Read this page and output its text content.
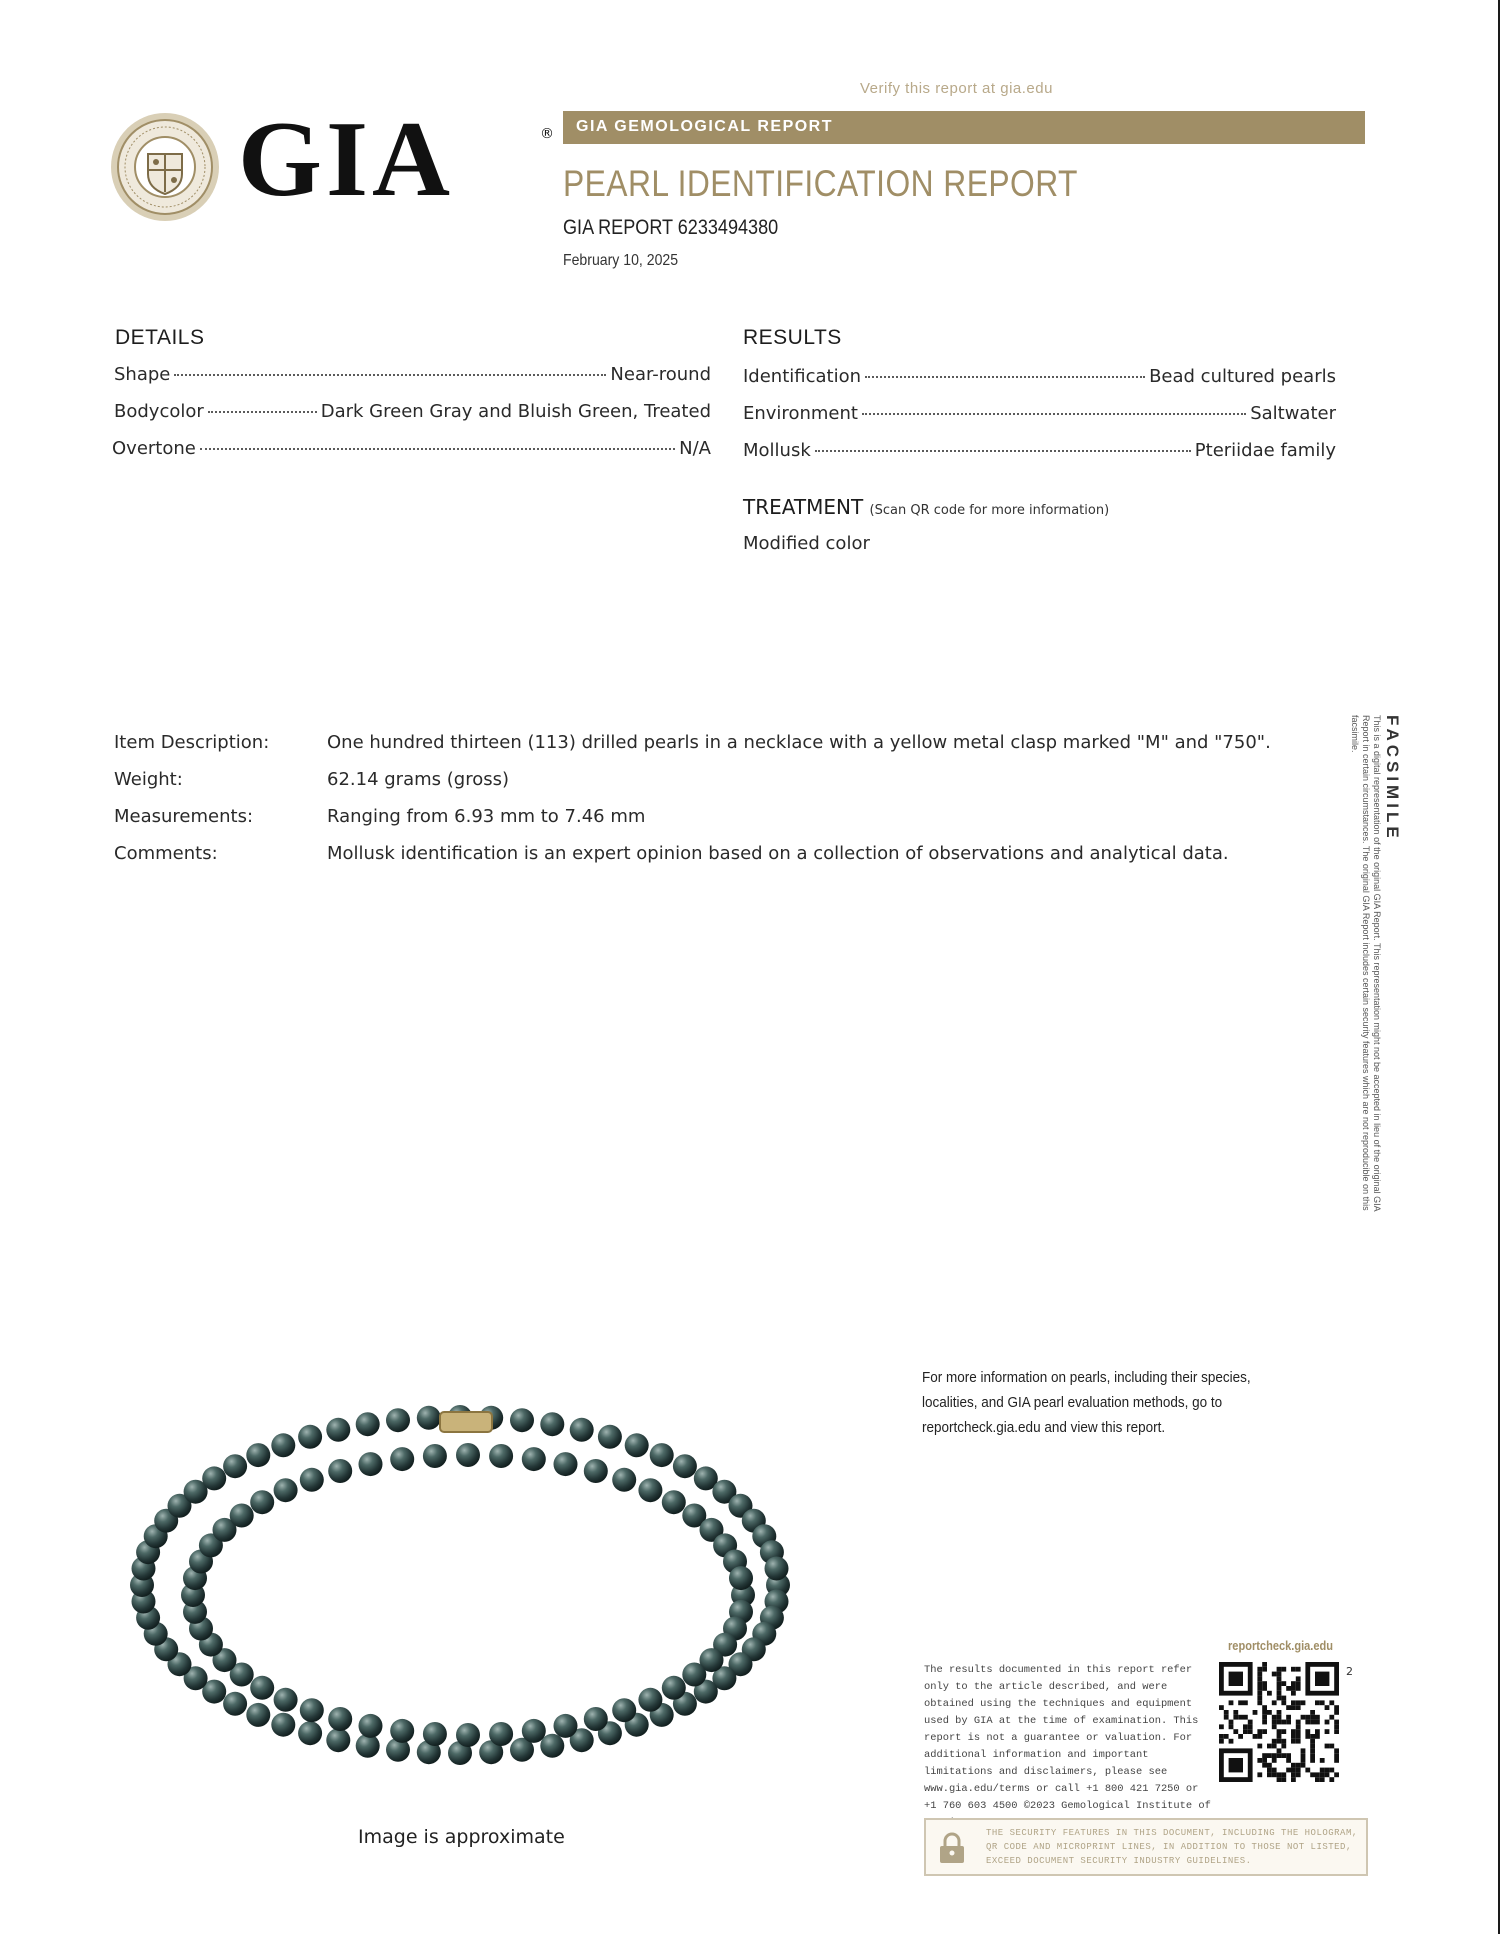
GIA	®
Verify this report at gia.edu
GIA GEMOLOGICAL REPORT
PEARL IDENTIFICATION REPORT
GIA REPORT 6233494380
February 10, 2025
DETAILS
Shape	Near-round
Bodycolor	Dark Green Gray and Bluish Green, Treated
Overtone	N/A
RESULTS
Identification	Bead cultured pearls
Environment	Saltwater
Mollusk	Pteriidae family
TREATMENT (Scan QR code for more information)
Modified color
Item Description:	One hundred thirteen (113) drilled pearls in a necklace with a yellow metal clasp marked "M" and "750".
Weight:	62.14 grams (gross)
Measurements:	Ranging from 6.93 mm to 7.46 mm
Comments:	Mollusk identification is an expert opinion based on a collection of observations and analytical data.
FACSIMILE
This is a digital representation of the original GIA Report. This representation might not be accepted in lieu of the original GIA Report in certain circumstances. The original GIA Report includes certain security features which are not reproducible on this facsimile.
Image is approximate
For more information on pearls, including their species, localities, and GIA pearl evaluation methods, go to reportcheck.gia.edu and view this report.
reportcheck.gia.edu
The results documented in this report refer only to the article described, and were obtained using the techniques and equipment used by GIA at the time of examination. This report is not a guarantee or valuation. For additional information and important limitations and disclaimers, please see www.gia.edu/terms or call +1 800 421 7250 or +1 760 603 4500 ©2023 Gemological Institute of
2

THE SECURITY FEATURES IN THIS DOCUMENT, INCLUDING THE HOLOGRAM, QR CODE AND MICROPRINT LINES, IN ADDITION TO THOSE NOT LISTED, EXCEED DOCUMENT SECURITY INDUSTRY GUIDELINES.
